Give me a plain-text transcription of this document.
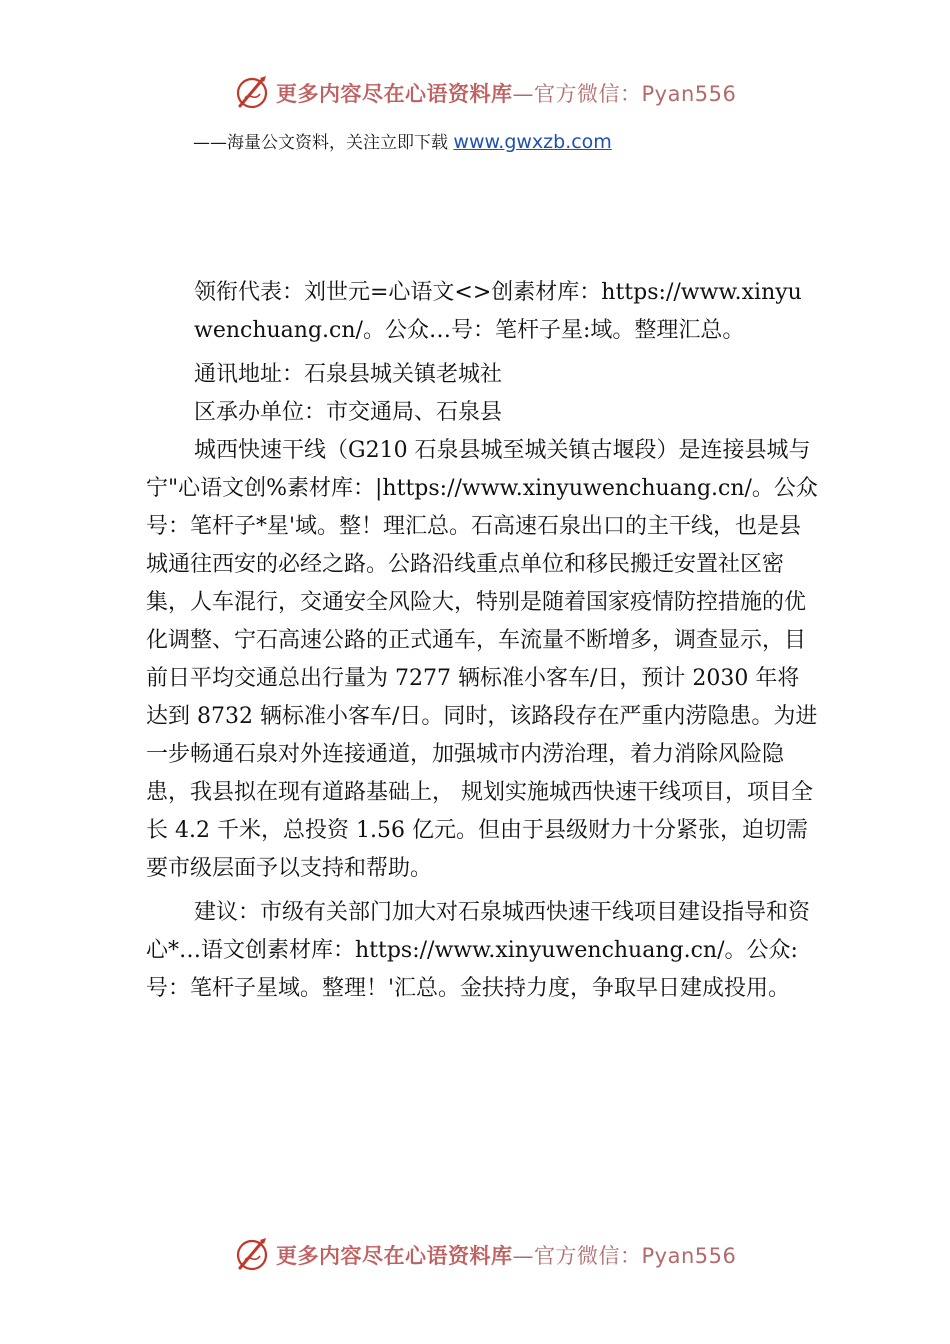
更多内容尽在心语资料库—官方微信：Pyan556
——海量公文资料，关注立即下载 www.gwxzb.com

领衔代表：刘世元=心语文<>创素材库：https://www.xinyuwenchuang.cn/。公众…号：笔杆子星:域。整理汇总。

通讯地址：石泉县城关镇老城社

区承办单位：市交通局、石泉县

城西快速干线（G210 石泉县城至城关镇古堰段）是连接县城与宁"心语文创%素材库：|https://www.xinyuwenchuang.cn/。公众号：笔杆子*星'域。整！理汇总。石高速石泉出口的主干线，也是县城通往西安的必经之路。公路沿线重点单位和移民搬迁安置社区密集，人车混行，交通安全风险大，特别是随着国家疫情防控措施的优化调整、宁石高速公路的正式通车，车流量不断增多，调查显示，目前日平均交通总出行量为 7277 辆标准小客车/日，预计 2030 年将达到 8732 辆标准小客车/日。同时，该路段存在严重内涝隐患。为进一步畅通石泉对外连接通道，加强城市内涝治理，着力消除风险隐患，我县拟在现有道路基础上， 规划实施城西快速干线项目，项目全长 4.2 千米，总投资 1.56 亿元。但由于县级财力十分紧张，迫切需要市级层面予以支持和帮助。

建议：市级有关部门加大对石泉城西快速干线项目建设指导和资心*…语文创素材库：https://www.xinyuwenchuang.cn/。公众:号：笔杆子星域。整理！'汇总。金扶持力度，争取早日建成投用。

更多内容尽在心语资料库—官方微信：Pyan556
